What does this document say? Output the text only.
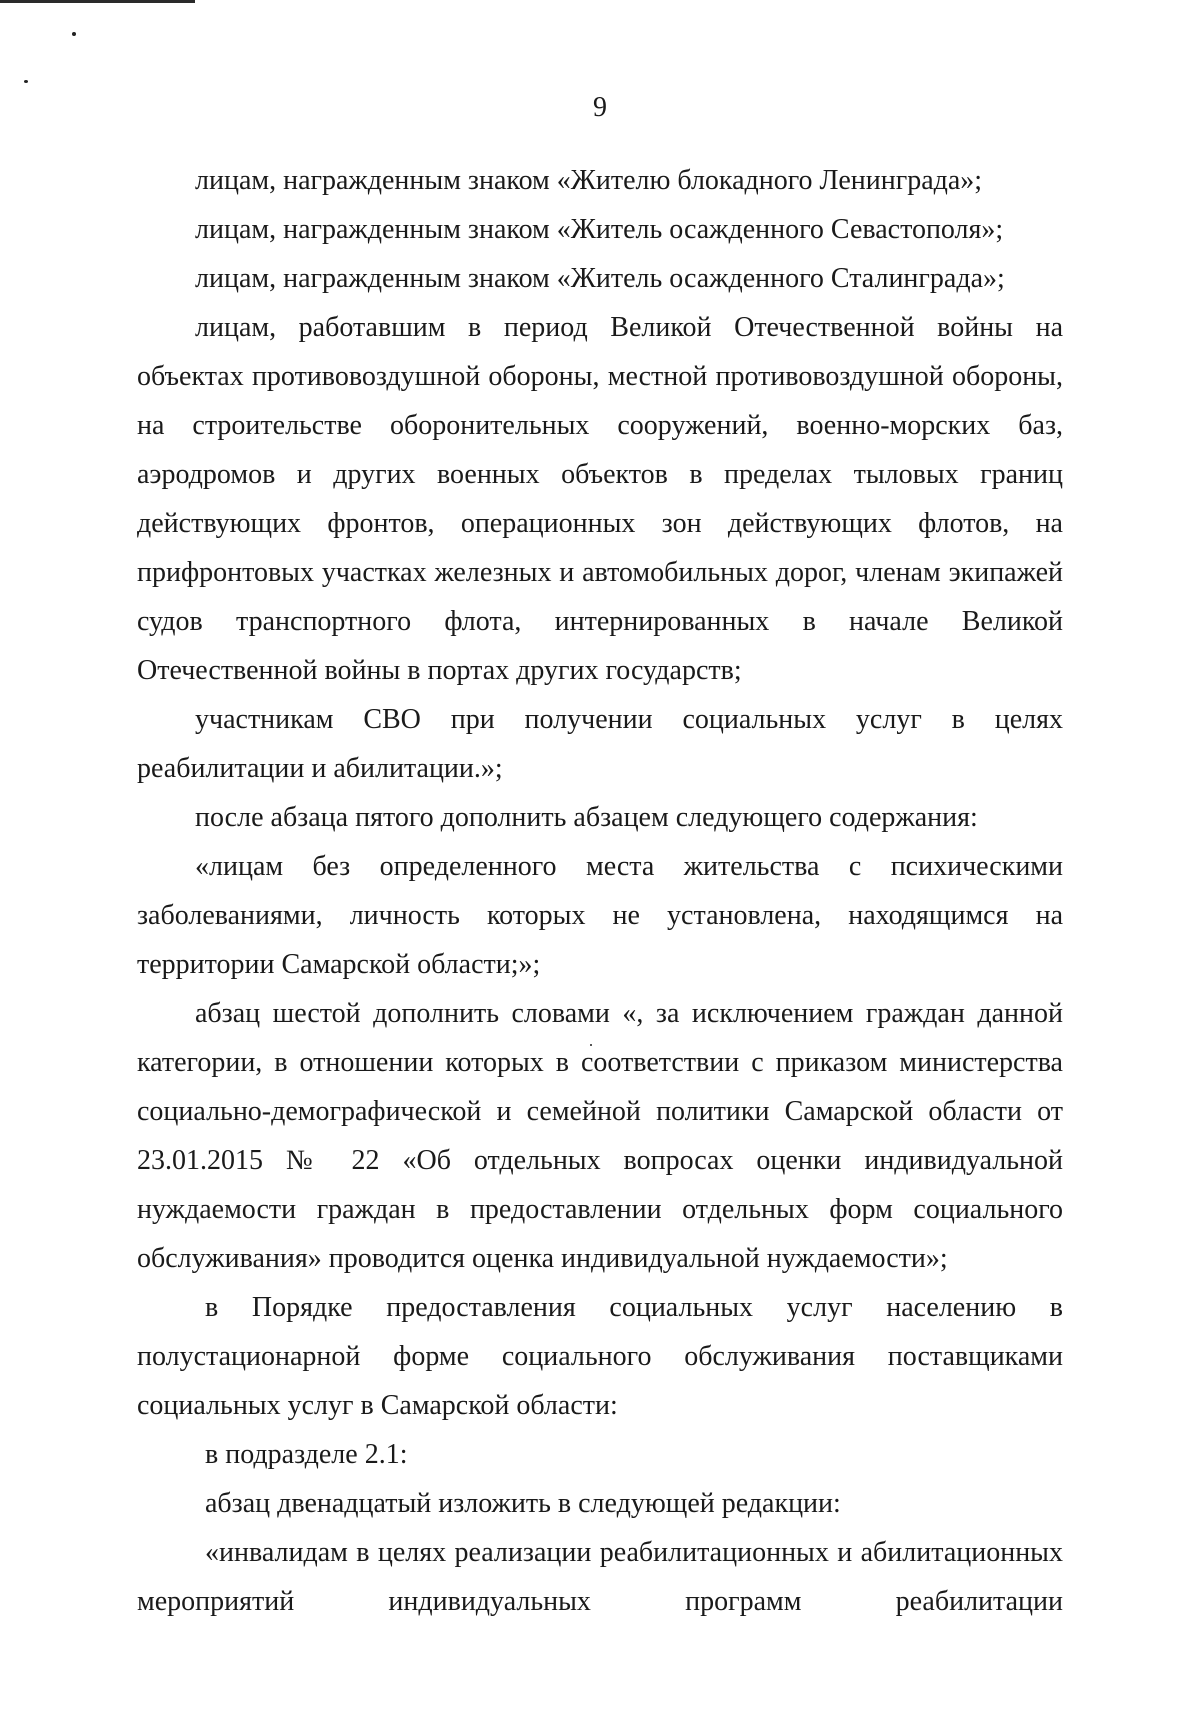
9

лицам, награжденным знаком «Жителю блокадного Ленинграда»;

лицам, награжденным знаком «Житель осажденного Севастополя»;

лицам, награжденным знаком «Житель осажденного Сталинграда»;

лицам, работавшим в период Великой Отечественной войны на объектах противовоздушной обороны, местной противовоздушной обороны, на строительстве оборонительных сооружений, военно-морских баз, аэродромов и других военных объектов в пределах тыловых границ действующих фронтов, операционных зон действующих флотов, на прифронтовых участках железных и автомобильных дорог, членам экипажей судов транспортного флота, интернированных в начале Великой Отечественной войны в портах других государств;

участникам СВО при получении социальных услуг в целях реабилитации и абилитации.»;

после абзаца пятого дополнить абзацем следующего содержания:

«лицам без определенного места жительства с психическими заболеваниями, личность которых не установлена, находящимся на территории Самарской области;»;

абзац шестой дополнить словами «, за исключением граждан данной категории, в отношении которых в соответствии с приказом министерства социально-демографической и семейной политики Самарской области от 23.01.2015 № 22 «Об отдельных вопросах оценки индивидуальной нуждаемости граждан в предоставлении отдельных форм социального обслуживания» проводится оценка индивидуальной нуждаемости»;

в Порядке предоставления социальных услуг населению в полустационарной форме социального обслуживания поставщиками социальных услуг в Самарской области:

в подразделе 2.1:

абзац двенадцатый изложить в следующей редакции:

«инвалидам в целях реализации реабилитационных и абилитационных мероприятий индивидуальных программ реабилитации
